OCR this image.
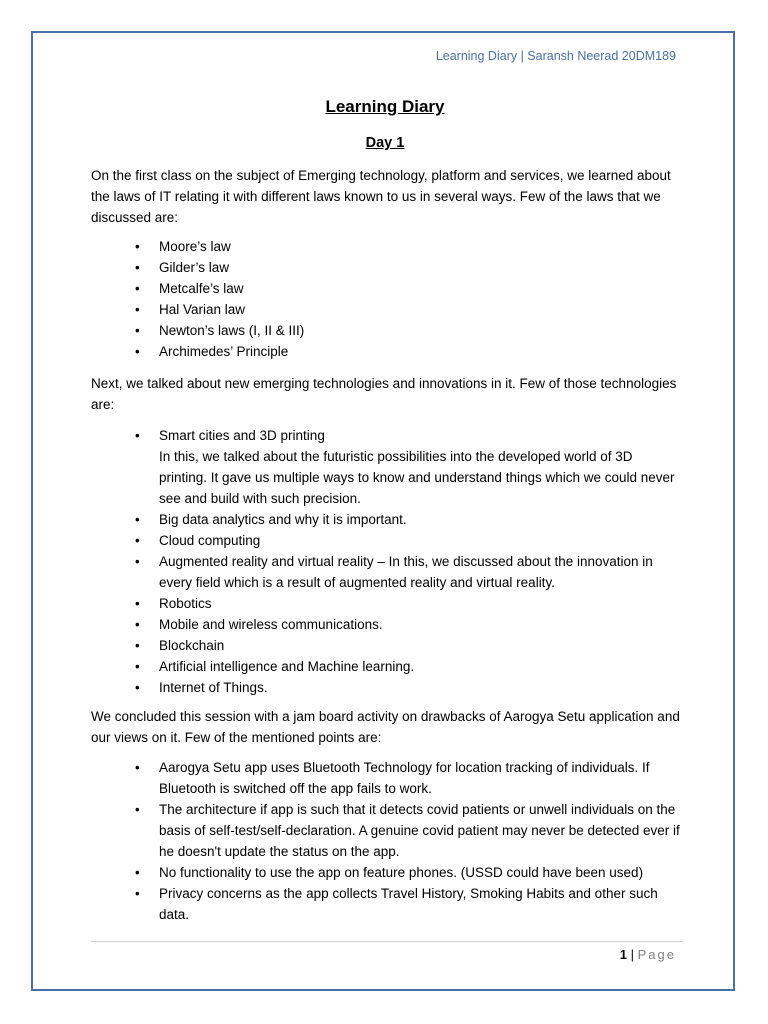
Learning Diary | Saransh Neerad 20DM189
Learning Diary
Day 1
On the first class on the subject of Emerging technology, platform and services, we learned about the laws of IT relating it with different laws known to us in several ways. Few of the laws that we discussed are:
• Moore’s law
• Gilder’s law
• Metcalfe’s law
• Hal Varian law
• Newton’s laws (I, II & III)
• Archimedes’ Principle
Next, we talked about new emerging technologies and innovations in it. Few of those technologies are:
• Smart cities and 3D printing
In this, we talked about the futuristic possibilities into the developed world of 3D printing. It gave us multiple ways to know and understand things which we could never see and build with such precision.
• Big data analytics and why it is important.
• Cloud computing
• Augmented reality and virtual reality – In this, we discussed about the innovation in every field which is a result of augmented reality and virtual reality.
• Robotics
• Mobile and wireless communications.
• Blockchain
• Artificial intelligence and Machine learning.
• Internet of Things.
We concluded this session with a jam board activity on drawbacks of Aarogya Setu application and our views on it. Few of the mentioned points are:
• Aarogya Setu app uses Bluetooth Technology for location tracking of individuals. If Bluetooth is switched off the app fails to work.
• The architecture if app is such that it detects covid patients or unwell individuals on the basis of self-test/self-declaration. A genuine covid patient may never be detected ever if he doesn't update the status on the app.
• No functionality to use the app on feature phones. (USSD could have been used)
• Privacy concerns as the app collects Travel History, Smoking Habits and other such data.
1 | Page
